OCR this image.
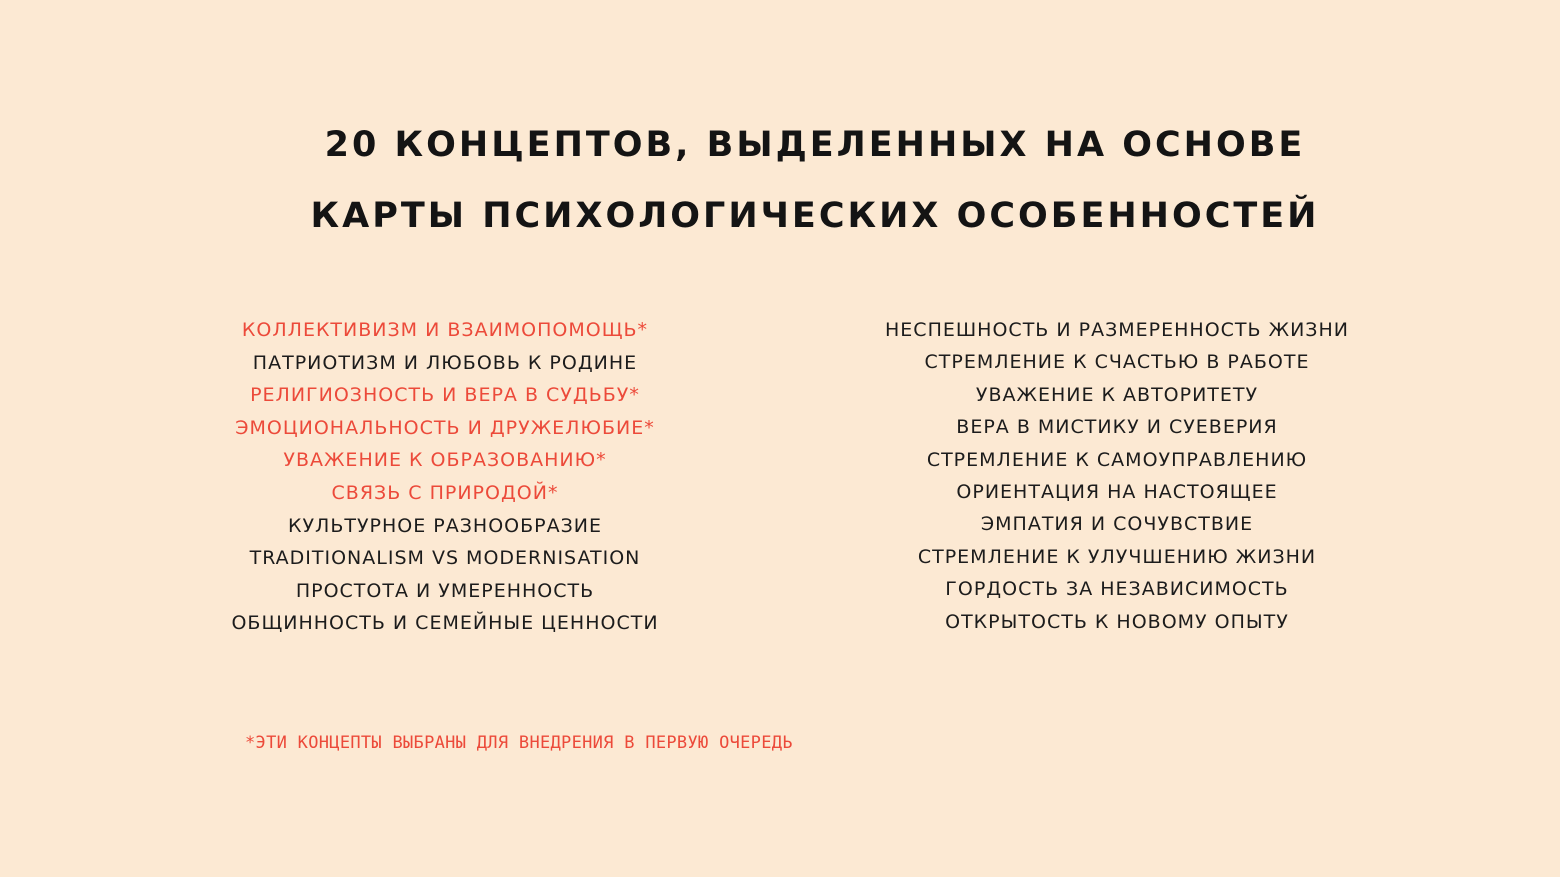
20 КОНЦЕПТОВ, ВЫДЕЛЕННЫХ НА ОСНОВЕ
КАРТЫ ПСИХОЛОГИЧЕСКИХ ОСОБЕННОСТЕЙ
КОЛЛЕКТИВИЗМ И ВЗАИМОПОМОЩЬ*
ПАТРИОТИЗМ И ЛЮБОВЬ К РОДИНЕ
РЕЛИГИОЗНОСТЬ И ВЕРА В СУДЬБУ*
ЭМОЦИОНАЛЬНОСТЬ И ДРУЖЕЛЮБИЕ*
УВАЖЕНИЕ К ОБРАЗОВАНИЮ*
СВЯЗЬ С ПРИРОДОЙ*
КУЛЬТУРНОЕ РАЗНООБРАЗИЕ
TRADITIONALISM VS MODERNISATION
ПРОСТОТА И УМЕРЕННОСТЬ
ОБЩИННОСТЬ И СЕМЕЙНЫЕ ЦЕННОСТИ
НЕСПЕШНОСТЬ И РАЗМЕРЕННОСТЬ ЖИЗНИ
СТРЕМЛЕНИЕ К СЧАСТЬЮ В РАБОТЕ
УВАЖЕНИЕ К АВТОРИТЕТУ
ВЕРА В МИСТИКУ И СУЕВЕРИЯ
СТРЕМЛЕНИЕ К САМОУПРАВЛЕНИЮ
ОРИЕНТАЦИЯ НА НАСТОЯЩЕЕ
ЭМПАТИЯ И СОЧУВСТВИЕ
СТРЕМЛЕНИЕ К УЛУЧШЕНИЮ ЖИЗНИ
ГОРДОСТЬ ЗА НЕЗАВИСИМОСТЬ
ОТКРЫТОСТЬ К НОВОМУ ОПЫТУ
*ЭТИ КОНЦЕПТЫ ВЫБРАНЫ ДЛЯ ВНЕДРЕНИЯ В ПЕРВУЮ ОЧЕРЕДЬ
